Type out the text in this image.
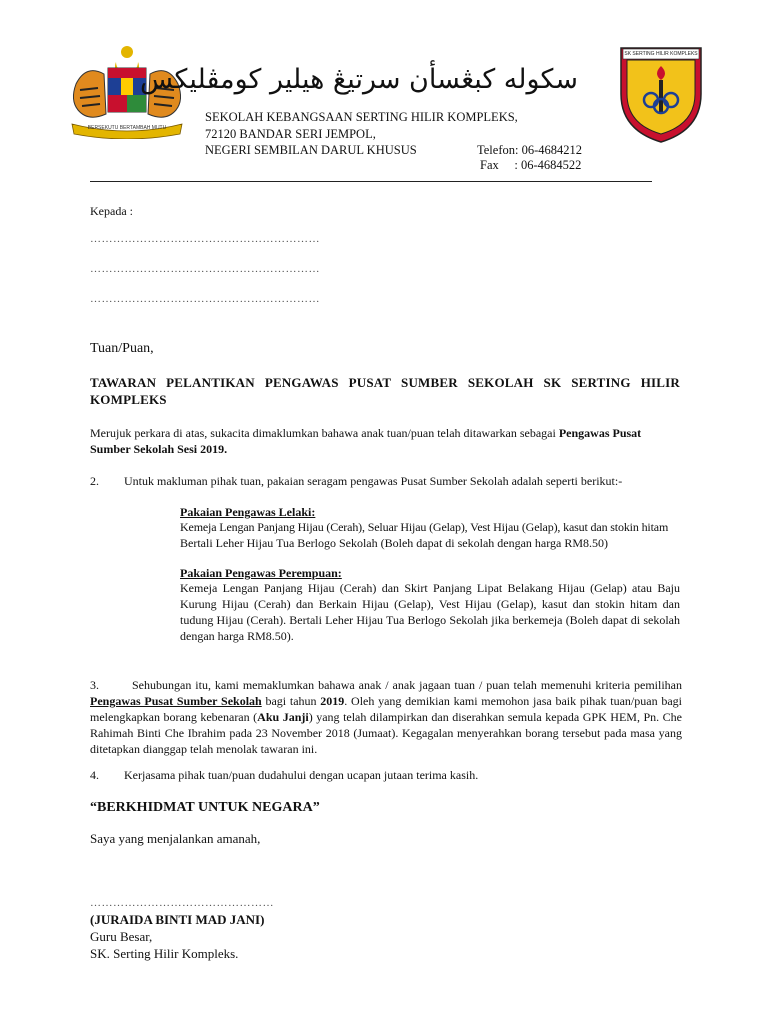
BERSEKUTU BERTAMBAH MUTU
سکوله کبڠسأن سرتيڠ هيلير کومڤليکس
SK SERTING HILIR KOMPLEKS
SEKOLAH KEBANGSAAN SERTING HILIR KOMPLEKS,
72120 BANDAR SERI JEMPOL,
NEGERI SEMBILAN DARUL KHUSUS	Telefon: 06-4684212
Fax     : 06-4684522
Kepada :
……………………………………………………
……………………………………………………
……………………………………………………
Tuan/Puan,
TAWARAN PELANTIKAN PENGAWAS PUSAT SUMBER SEKOLAH SK SERTING HILIR KOMPLEKS
Merujuk perkara di atas, sukacita dimaklumkan bahawa anak tuan/puan telah ditawarkan sebagai Pengawas Pusat Sumber Sekolah Sesi 2019.
2. Untuk makluman pihak tuan, pakaian seragam pengawas Pusat Sumber Sekolah adalah seperti berikut:-
Pakaian Pengawas Lelaki:
Kemeja Lengan Panjang Hijau (Cerah), Seluar Hijau (Gelap), Vest Hijau (Gelap), kasut dan stokin hitam
Bertali Leher Hijau Tua Berlogo Sekolah (Boleh dapat di sekolah dengan harga RM8.50)
Pakaian Pengawas Perempuan:
Kemeja Lengan Panjang Hijau (Cerah) dan Skirt Panjang Lipat Belakang Hijau (Gelap) atau Baju Kurung Hijau (Cerah) dan Berkain Hijau (Gelap), Vest Hijau (Gelap), kasut dan stokin hitam dan tudung Hijau (Cerah). Bertali Leher Hijau Tua Berlogo Sekolah jika berkemeja (Boleh dapat di sekolah dengan harga RM8.50).
3.	Sehubungan itu, kami memaklumkan bahawa anak / anak jagaan tuan / puan telah memenuhi kriteria pemilihan Pengawas Pusat Sumber Sekolah bagi tahun 2019. Oleh yang demikian kami memohon jasa baik pihak tuan/puan bagi melengkapkan borang kebenaran (Aku Janji) yang telah dilampirkan dan diserahkan semula kepada GPK HEM, Pn. Che Rahimah Binti Che Ibrahim pada 23 November 2018 (Jumaat). Kegagalan menyerahkan borang tersebut pada masa yang ditetapkan dianggap telah menolak tawaran ini.
4. Kerjasama pihak tuan/puan dudahului dengan ucapan jutaan terima kasih.
“BERKHIDMAT UNTUK NEGARA”
Saya yang menjalankan amanah,
…………………………………………
(JURAIDA BINTI MAD JANI)
Guru Besar,
SK. Serting Hilir Kompleks.
